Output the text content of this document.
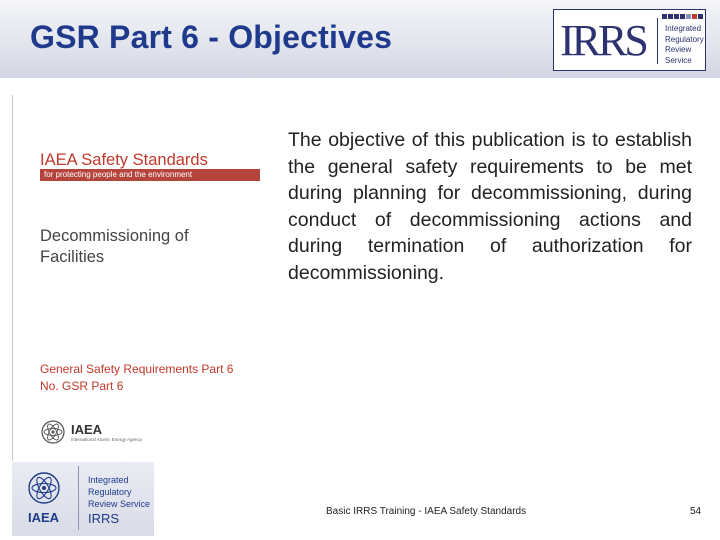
GSR Part 6 - Objectives	IRRS Integrated
Regulatory
Review
Service
IAEA Safety Standards
for protecting people and the environment
Decommissioning of
Facilities
General Safety Requirements Part 6
No. GSR Part 6
IAEA
International Atomic Energy Agency
The objective of this publication is to establish the general safety requirements to be met during planning for decommissioning, during conduct of decommissioning actions and during termination of authorization for decommissioning.
IAEA
Integrated
Regulatory
Review Service
IRRS	Basic IRRS Training - IAEA Safety Standards	54
